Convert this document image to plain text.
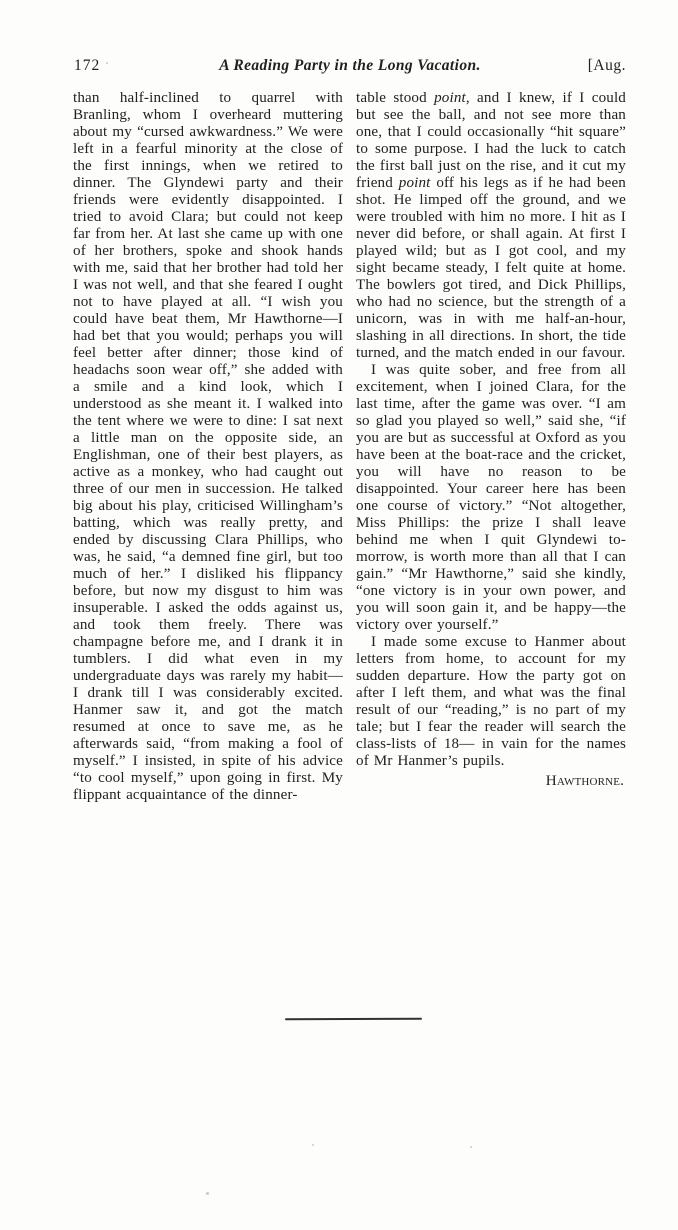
172	A Reading Party in the Long Vacation.	[Aug.

than half-inclined to quarrel with Branling, whom I overheard muttering about my “cursed awkwardness.” We were left in a fearful minority at the close of the first innings, when we retired to dinner. The Glyndewi party and their friends were evidently disappointed. I tried to avoid Clara; but could not keep far from her. At last she came up with one of her brothers, spoke and shook hands with me, said that her brother had told her I was not well, and that she feared I ought not to have played at all. “I wish you could have beat them, Mr Hawthorne—I had bet that you would; perhaps you will feel better after dinner; those kind of headachs soon wear off,” she added with a smile and a kind look, which I understood as she meant it. I walked into the tent where we were to dine: I sat next a little man on the opposite side, an Englishman, one of their best players, as active as a monkey, who had caught out three of our men in succession. He talked big about his play, criticised Willingham’s batting, which was really pretty, and ended by discussing Clara Phillips, who was, he said, “a demned fine girl, but too much of her.” I disliked his flippancy before, but now my disgust to him was insuperable. I asked the odds against us, and took them freely. There was champagne before me, and I drank it in tumblers. I did what even in my undergraduate days was rarely my habit—I drank till I was considerably excited. Hanmer saw it, and got the match resumed at once to save me, as he afterwards said, “from making a fool of myself.” I insisted, in spite of his advice “to cool myself,” upon going in first. My flippant acquaintance of the dinner-

table stood point, and I knew, if I could but see the ball, and not see more than one, that I could occasionally “hit square” to some purpose. I had the luck to catch the first ball just on the rise, and it cut my friend point off his legs as if he had been shot. He limped off the ground, and we were troubled with him no more. I hit as I never did before, or shall again. At first I played wild; but as I got cool, and my sight became steady, I felt quite at home. The bowlers got tired, and Dick Phillips, who had no science, but the strength of a unicorn, was in with me half-an-hour, slashing in all directions. In short, the tide turned, and the match ended in our favour.

I was quite sober, and free from all excitement, when I joined Clara, for the last time, after the game was over. “I am so glad you played so well,” said she, “if you are but as successful at Oxford as you have been at the boat-race and the cricket, you will have no reason to be disappointed. Your career here has been one course of victory.” “Not altogether, Miss Phillips: the prize I shall leave behind me when I quit Glyndewi to-morrow, is worth more than all that I can gain.” “Mr Hawthorne,” said she kindly, “one victory is in your own power, and you will soon gain it, and be happy—the victory over yourself.”

I made some excuse to Hanmer about letters from home, to account for my sudden departure. How the party got on after I left them, and what was the final result of our “reading,” is no part of my tale; but I fear the reader will search the class-lists of 18— in vain for the names of Mr Hanmer’s pupils.

Hawthorne.
